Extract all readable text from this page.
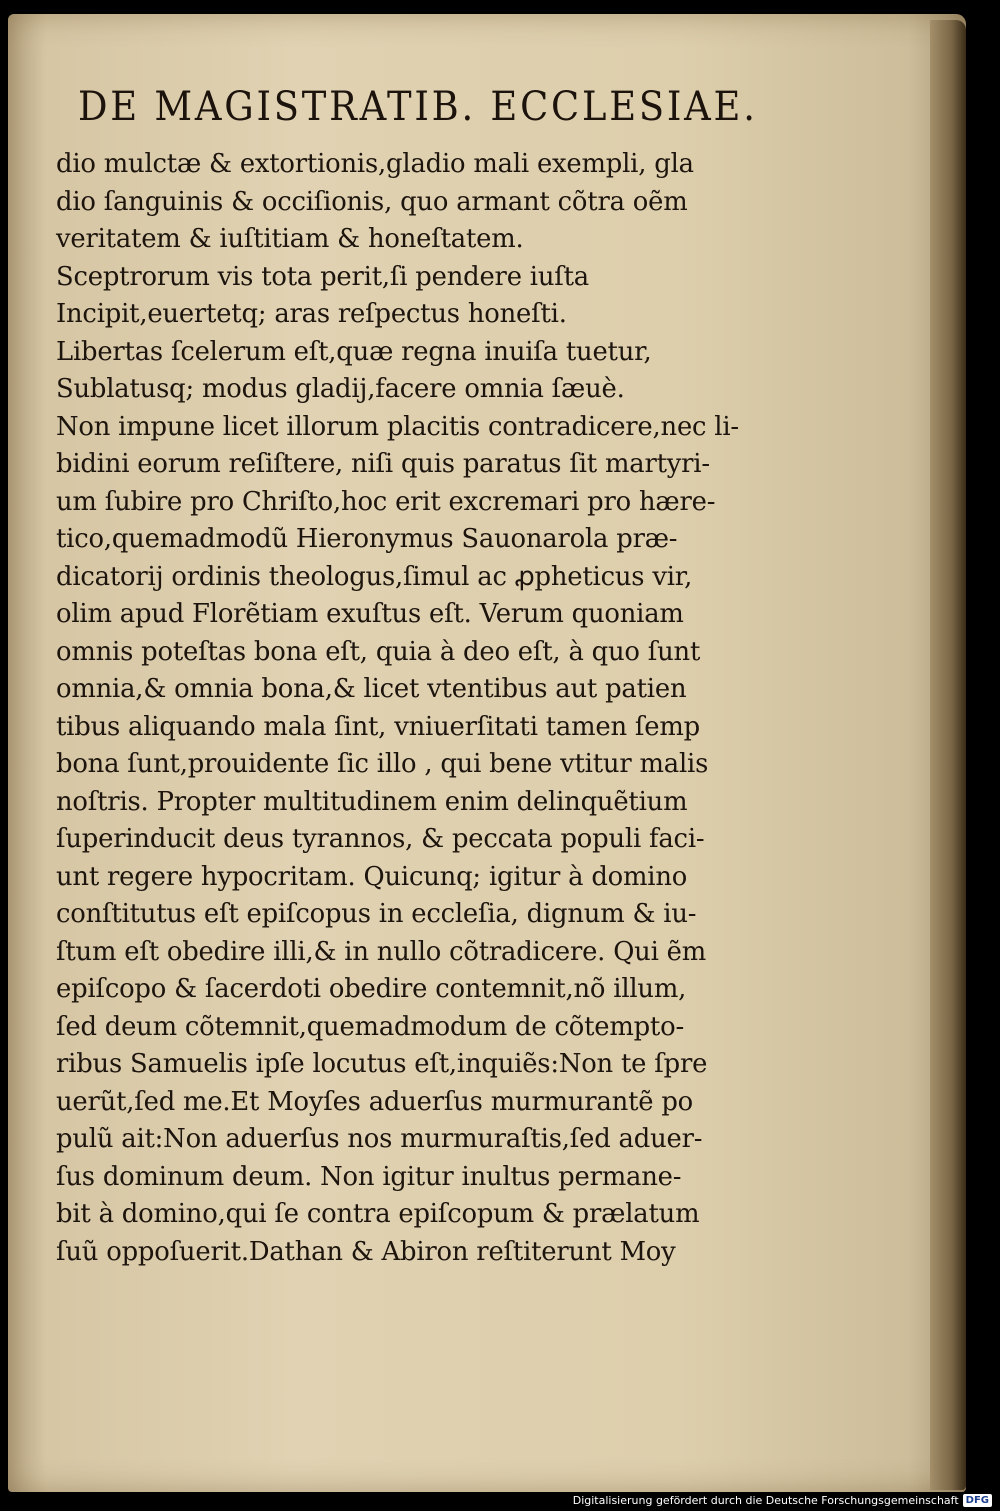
DE MAGISTRATIB. ECCLESIAE.
dio mulctæ & extortionis,gladio mali exempli, gla
dio ſanguinis & occiſionis, quo armant cõtra oẽm
veritatem & iuſtitiam & honeſtatem.
Sceptrorum vis tota perit,ſi pendere iuſta
Incipit,euertetq; aras reſpectus honeſti.
Libertas ſcelerum eſt,quæ regna inuiſa tuetur,
Sublatusq; modus gladij,facere omnia ſæuè.
Non impune licet illorum placitis contradicere,nec li-
bidini eorum reſiſtere, niſi quis paratus ſit martyri-
um ſubire pro Chriſto,hoc erit excremari pro hære-
tico,quemadmodũ Hieronymus Sauonarola præ-
dicatorij ordinis theologus,ſimul ac ꝓpheticus vir,
olim apud Florẽtiam exuſtus eſt. Verum quoniam
omnis poteſtas bona eſt, quia à deo eſt, à quo ſunt
omnia,& omnia bona,& licet vtentibus aut patien
tibus aliquando mala ſint, vniuerſitati tamen ſemp
bona ſunt,prouidente ſic illo , qui bene vtitur malis
noſtris. Propter multitudinem enim delinquẽtium
ſuperinducit deus tyrannos, & peccata populi faci-
unt regere hypocritam. Quicunq; igitur à domino
conſtitutus eſt epiſcopus in eccleſia, dignum & iu-
ſtum eſt obedire illi,& in nullo cõtradicere. Qui ẽm
epiſcopo & ſacerdoti obedire contemnit,nõ illum,
ſed deum cõtemnit,quemadmodum de cõtempto-
ribus Samuelis ipſe locutus eſt,inquiẽs:Non te ſpre
uerũt,ſed me.Et Moyſes aduerſus murmurantẽ po
pulũ ait:Non aduerſus nos murmuraſtis,ſed aduer-
ſus dominum deum. Non igitur inultus permane-
bit à domino,qui ſe contra epiſcopum & prælatum
ſuũ oppoſuerit.Dathan & Abiron reſtiterunt Moy
Digitalisierung gefördert durch die Deutsche Forschungsgemeinschaft DFG
